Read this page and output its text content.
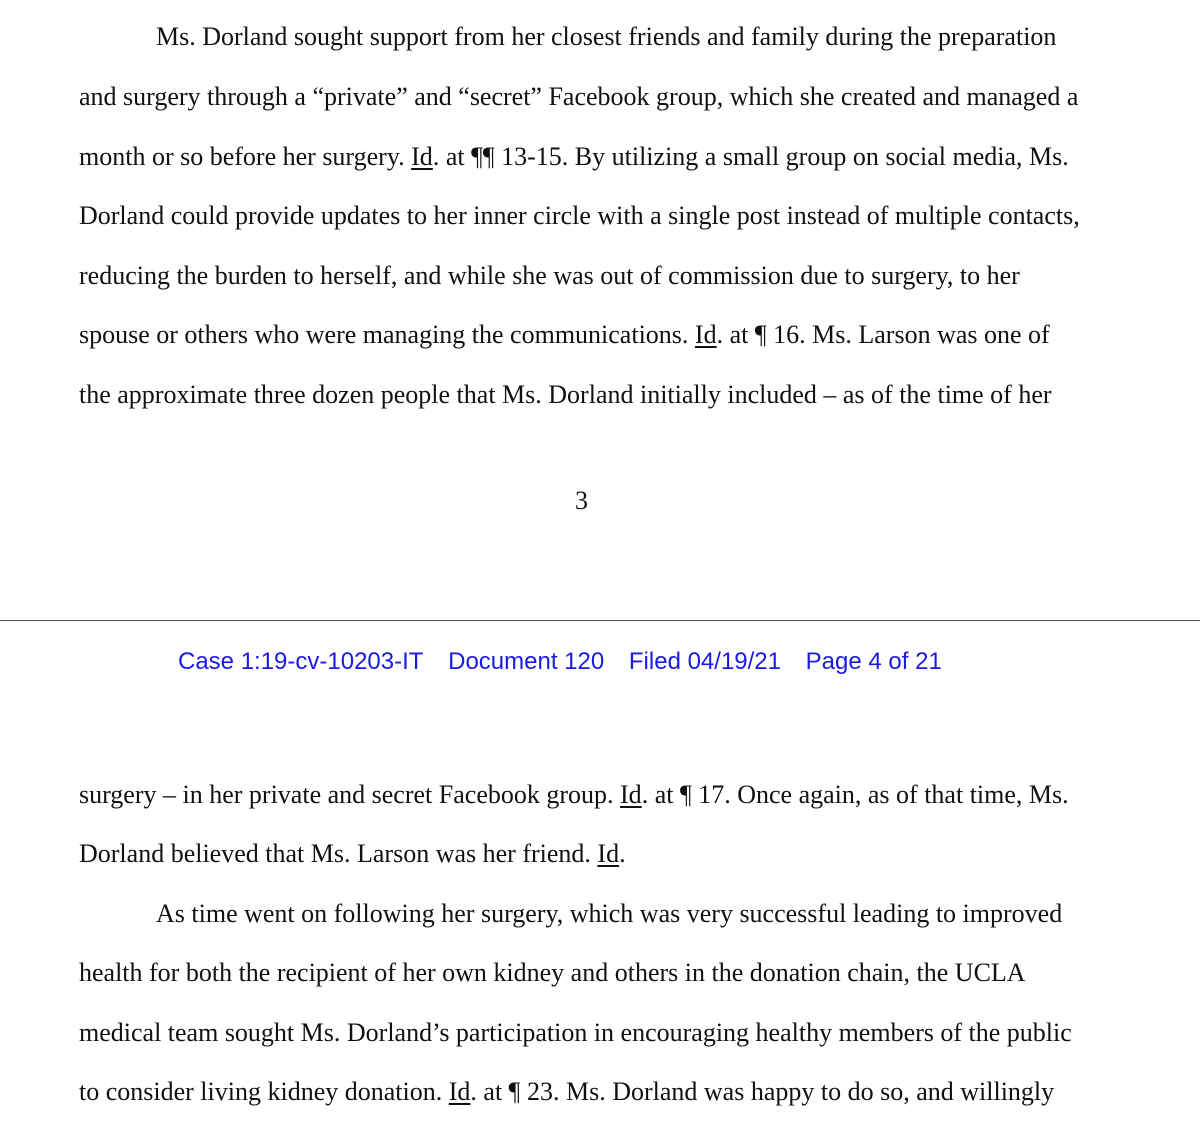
Ms. Dorland sought support from her closest friends and family during the preparation
and surgery through a “private” and “secret” Facebook group, which she created and managed a
month or so before her surgery. Id. at ¶¶ 13-15. By utilizing a small group on social media, Ms.
Dorland could provide updates to her inner circle with a single post instead of multiple contacts,
reducing the burden to herself, and while she was out of commission due to surgery, to her
spouse or others who were managing the communications. Id. at ¶ 16. Ms. Larson was one of
the approximate three dozen people that Ms. Dorland initially included – as of the time of her
3
Case 1:19-cv-10203-IT Document 120 Filed 04/19/21 Page 4 of 21
surgery – in her private and secret Facebook group. Id. at ¶ 17. Once again, as of that time, Ms.
Dorland believed that Ms. Larson was her friend. Id.
As time went on following her surgery, which was very successful leading to improved
health for both the recipient of her own kidney and others in the donation chain, the UCLA
medical team sought Ms. Dorland’s participation in encouraging healthy members of the public
to consider living kidney donation. Id. at ¶ 23. Ms. Dorland was happy to do so, and willingly
